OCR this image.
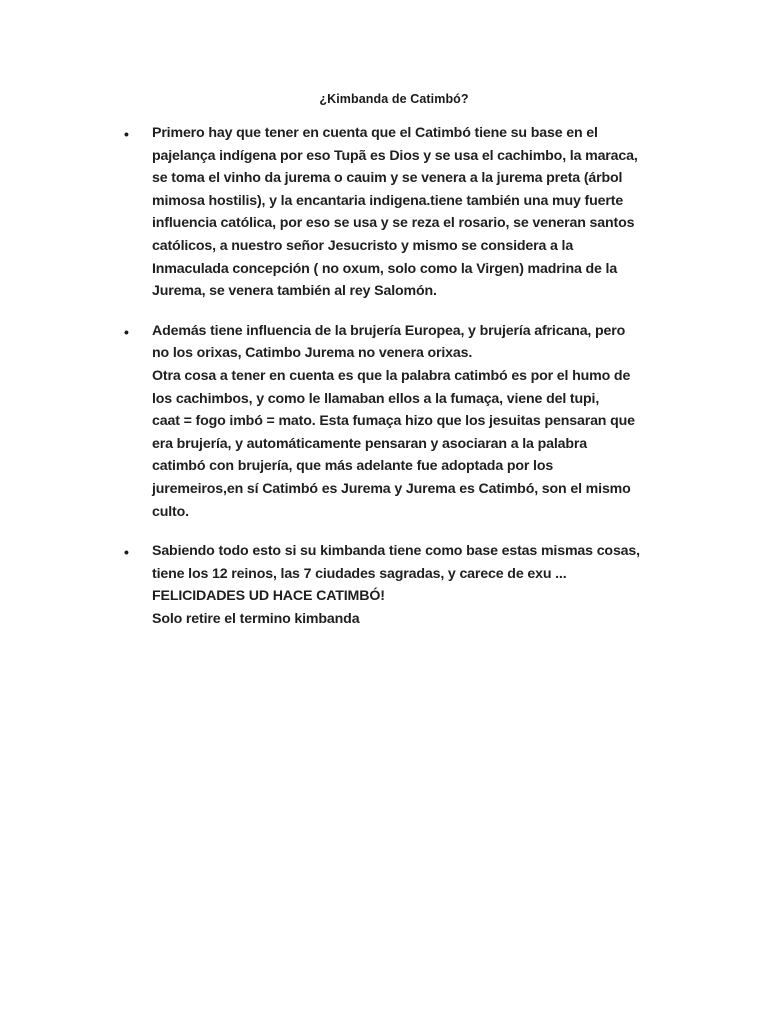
¿Kimbanda de Catimbó?
• Primero hay que tener en cuenta que el Catimbó tiene su base en el
pajelança indígena por eso Tupã es Dios y se usa el cachimbo, la maraca,
se toma el vinho da jurema o cauim y se venera a la jurema preta (árbol
mimosa hostilis), y la encantaria indigena.tiene también una muy fuerte
influencia católica, por eso se usa y se reza el rosario, se veneran santos
católicos, a nuestro señor Jesucristo y mismo se considera a la
Inmaculada concepción ( no oxum, solo como la Virgen) madrina de la
Jurema, se venera también al rey Salomón.
• Además tiene influencia de la brujería Europea, y brujería africana, pero
no los orixas, Catimbo Jurema no venera orixas.
Otra cosa a tener en cuenta es que la palabra catimbó es por el humo de
los cachimbos, y como le llamaban ellos a la fumaça, viene del tupi,
caat = fogo imbó = mato. Esta fumaça hizo que los jesuitas pensaran que
era brujería, y automáticamente pensaran y asociaran a la palabra
catimbó con brujería, que más adelante fue adoptada por los
juremeiros,en sí Catimbó es Jurema y Jurema es Catimbó, son el mismo
culto.
• Sabiendo todo esto si su kimbanda tiene como base estas mismas cosas,
tiene los 12 reinos, las 7 ciudades sagradas, y carece de exu ...
FELICIDADES UD HACE CATIMBÓ!
Solo retire el termino kimbanda
